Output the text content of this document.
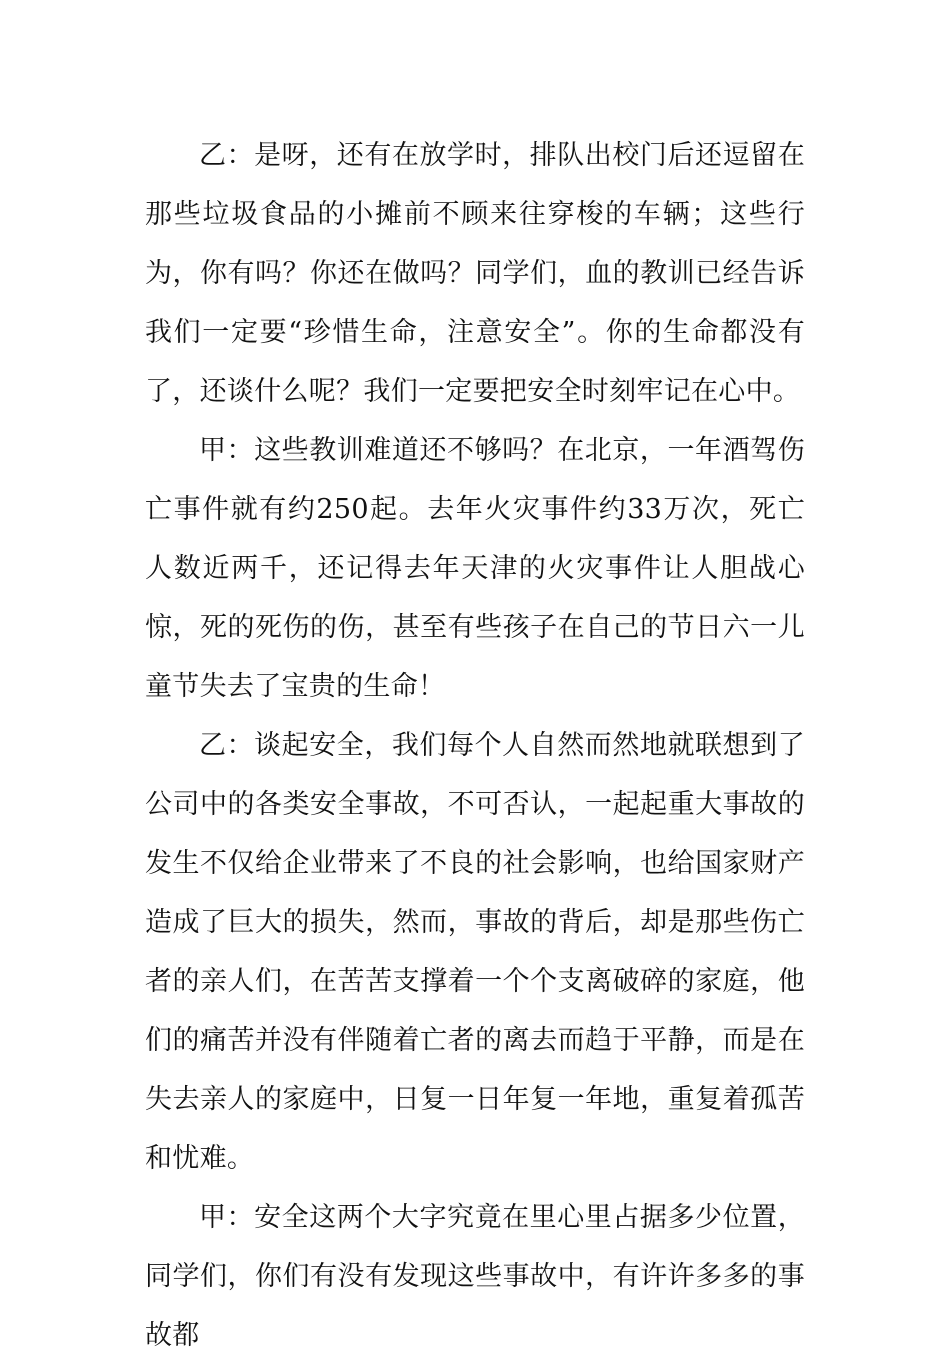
乙：是呀，还有在放学时，排队出校门后还逗留在那些垃圾食品的小摊前不顾来往穿梭的车辆；这些行为，你有吗？你还在做吗？同学们，血的教训已经告诉我们一定要“珍惜生命，注意安全”。你的生命都没有了，还谈什么呢？我们一定要把安全时刻牢记在心中。

甲：这些教训难道还不够吗？在北京，一年酒驾伤亡事件就有约250起。去年火灾事件约33万次，死亡人数近两千，还记得去年天津的火灾事件让人胆战心惊，死的死伤的伤，甚至有些孩子在自己的节日六一儿童节失去了宝贵的生命！

乙：谈起安全，我们每个人自然而然地就联想到了公司中的各类安全事故，不可否认，一起起重大事故的发生不仅给企业带来了不良的社会影响，也给国家财产造成了巨大的损失，然而，事故的背后，却是那些伤亡者的亲人们，在苦苦支撑着一个个支离破碎的家庭，他们的痛苦并没有伴随着亡者的离去而趋于平静，而是在失去亲人的家庭中，日复一日年复一年地，重复着孤苦和忧难。

甲：安全这两个大字究竟在里心里占据多少位置，同学们，你们有没有发现这些事故中，有许许多多的事故都
